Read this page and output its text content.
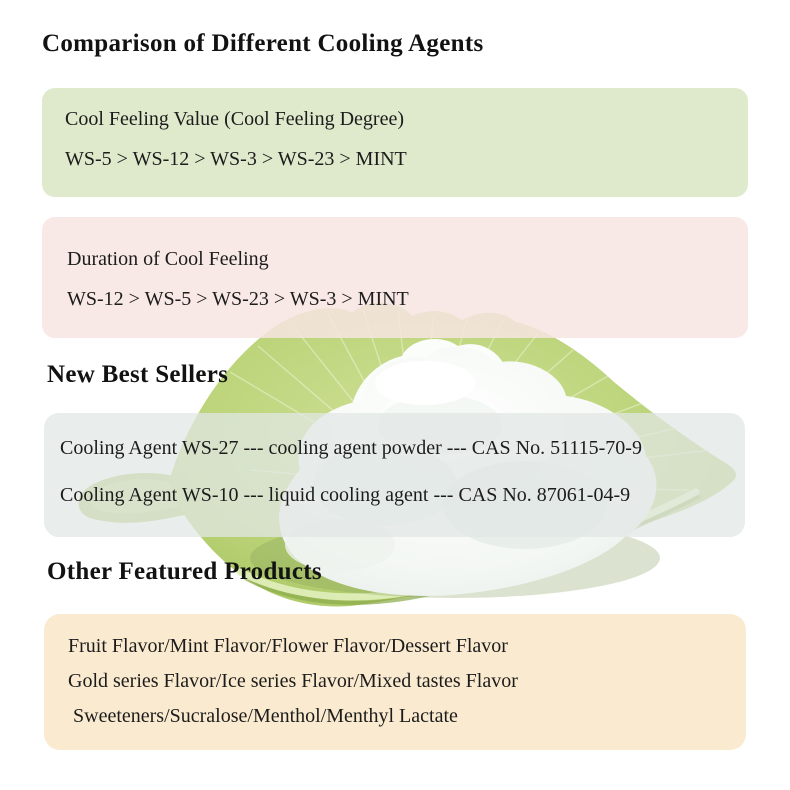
Comparison of Different Cooling Agents

Cool Feeling Value (Cool Feeling Degree)

WS-5 > WS-12 > WS-3 > WS-23 > MINT

Duration of Cool Feeling

WS-12 > WS-5 > WS-23 > WS-3 > MINT

New Best Sellers

Cooling Agent WS-27 --- cooling agent powder --- CAS No. 51115-70-9

Cooling Agent WS-10 --- liquid cooling agent --- CAS No. 87061-04-9

Other Featured Products

Fruit Flavor/Mint Flavor/Flower Flavor/Dessert Flavor

Gold series Flavor/Ice series Flavor/Mixed tastes Flavor

Sweeteners/Sucralose/Menthol/Menthyl Lactate
